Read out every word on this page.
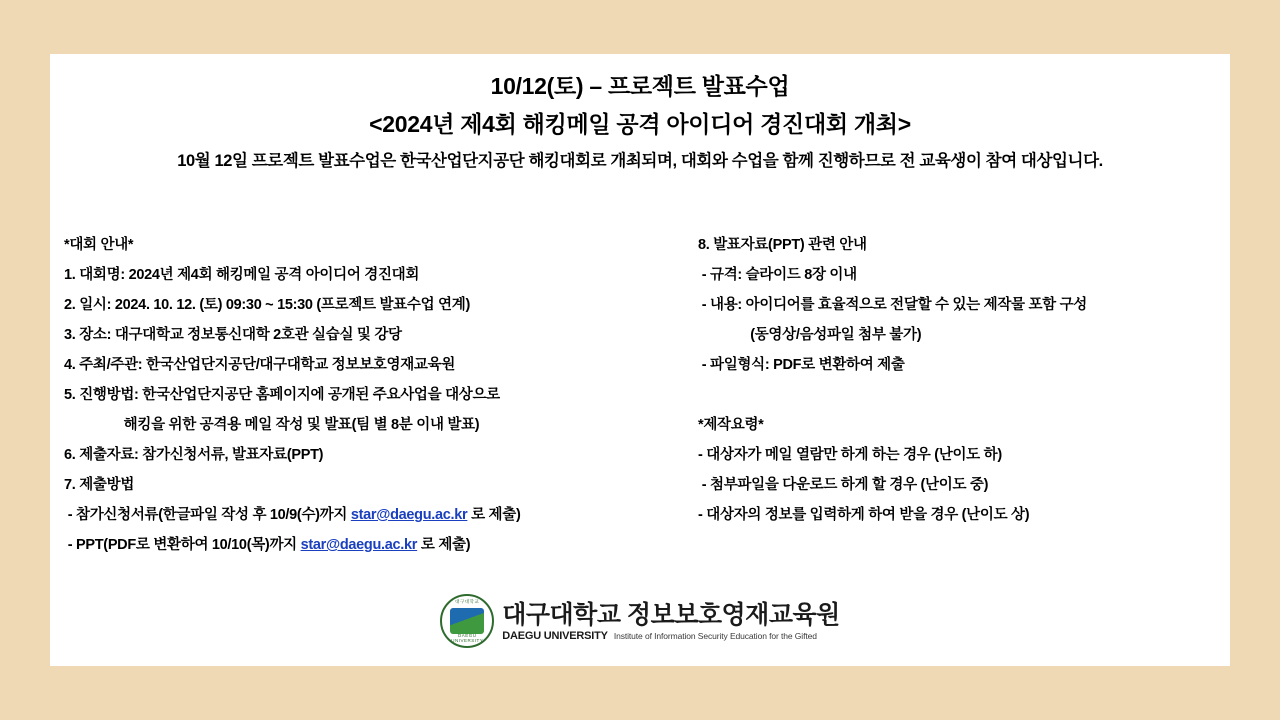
10/12(토) – 프로젝트 발표수업
<2024년 제4회 해킹메일 공격 아이디어 경진대회 개최>
10월 12일 프로젝트 발표수업은 한국산업단지공단 해킹대회로 개최되며, 대회와 수업을 함께 진행하므로 전 교육생이 참여 대상입니다.
*대회 안내*
1. 대회명: 2024년 제4회 해킹메일 공격 아이디어 경진대회
2. 일시: 2024. 10. 12. (토) 09:30 ~ 15:30 (프로젝트 발표수업 연계)
3. 장소: 대구대학교 정보통신대학 2호관 실습실 및 강당
4. 주최/주관: 한국산업단지공단/대구대학교 정보보호영재교육원
5. 진행방법: 한국산업단지공단 홈페이지에 공개된 주요사업을 대상으로
해킹을 위한 공격용 메일 작성 및 발표(팀 별 8분 이내 발표)
6. 제출자료: 참가신청서류, 발표자료(PPT)
7. 제출방법
- 참가신청서류(한글파일 작성 후 10/9(수)까지 star@daegu.ac.kr 로 제출)
- PPT(PDF로 변환하여 10/10(목)까지 star@daegu.ac.kr 로 제출)
8. 발표자료(PPT) 관련 안내
- 규격: 슬라이드 8장 이내
- 내용: 아이디어를 효율적으로 전달할 수 있는 제작물 포함 구성
(동영상/음성파일 첨부 불가)
- 파일형식: PDF로 변환하여 제출
*제작요령*
- 대상자가 메일 열람만 하게 하는 경우 (난이도 하)
- 첨부파일을 다운로드 하게 할 경우 (난이도 중)
- 대상자의 정보를 입력하게 하여 받을 경우 (난이도 상)
대구대학교
DAEGU UNIVERSITY
대구대학교 정보보호영재교육원
DAEGU UNIVERSITY Institute of Information Security Education for the Gifted
